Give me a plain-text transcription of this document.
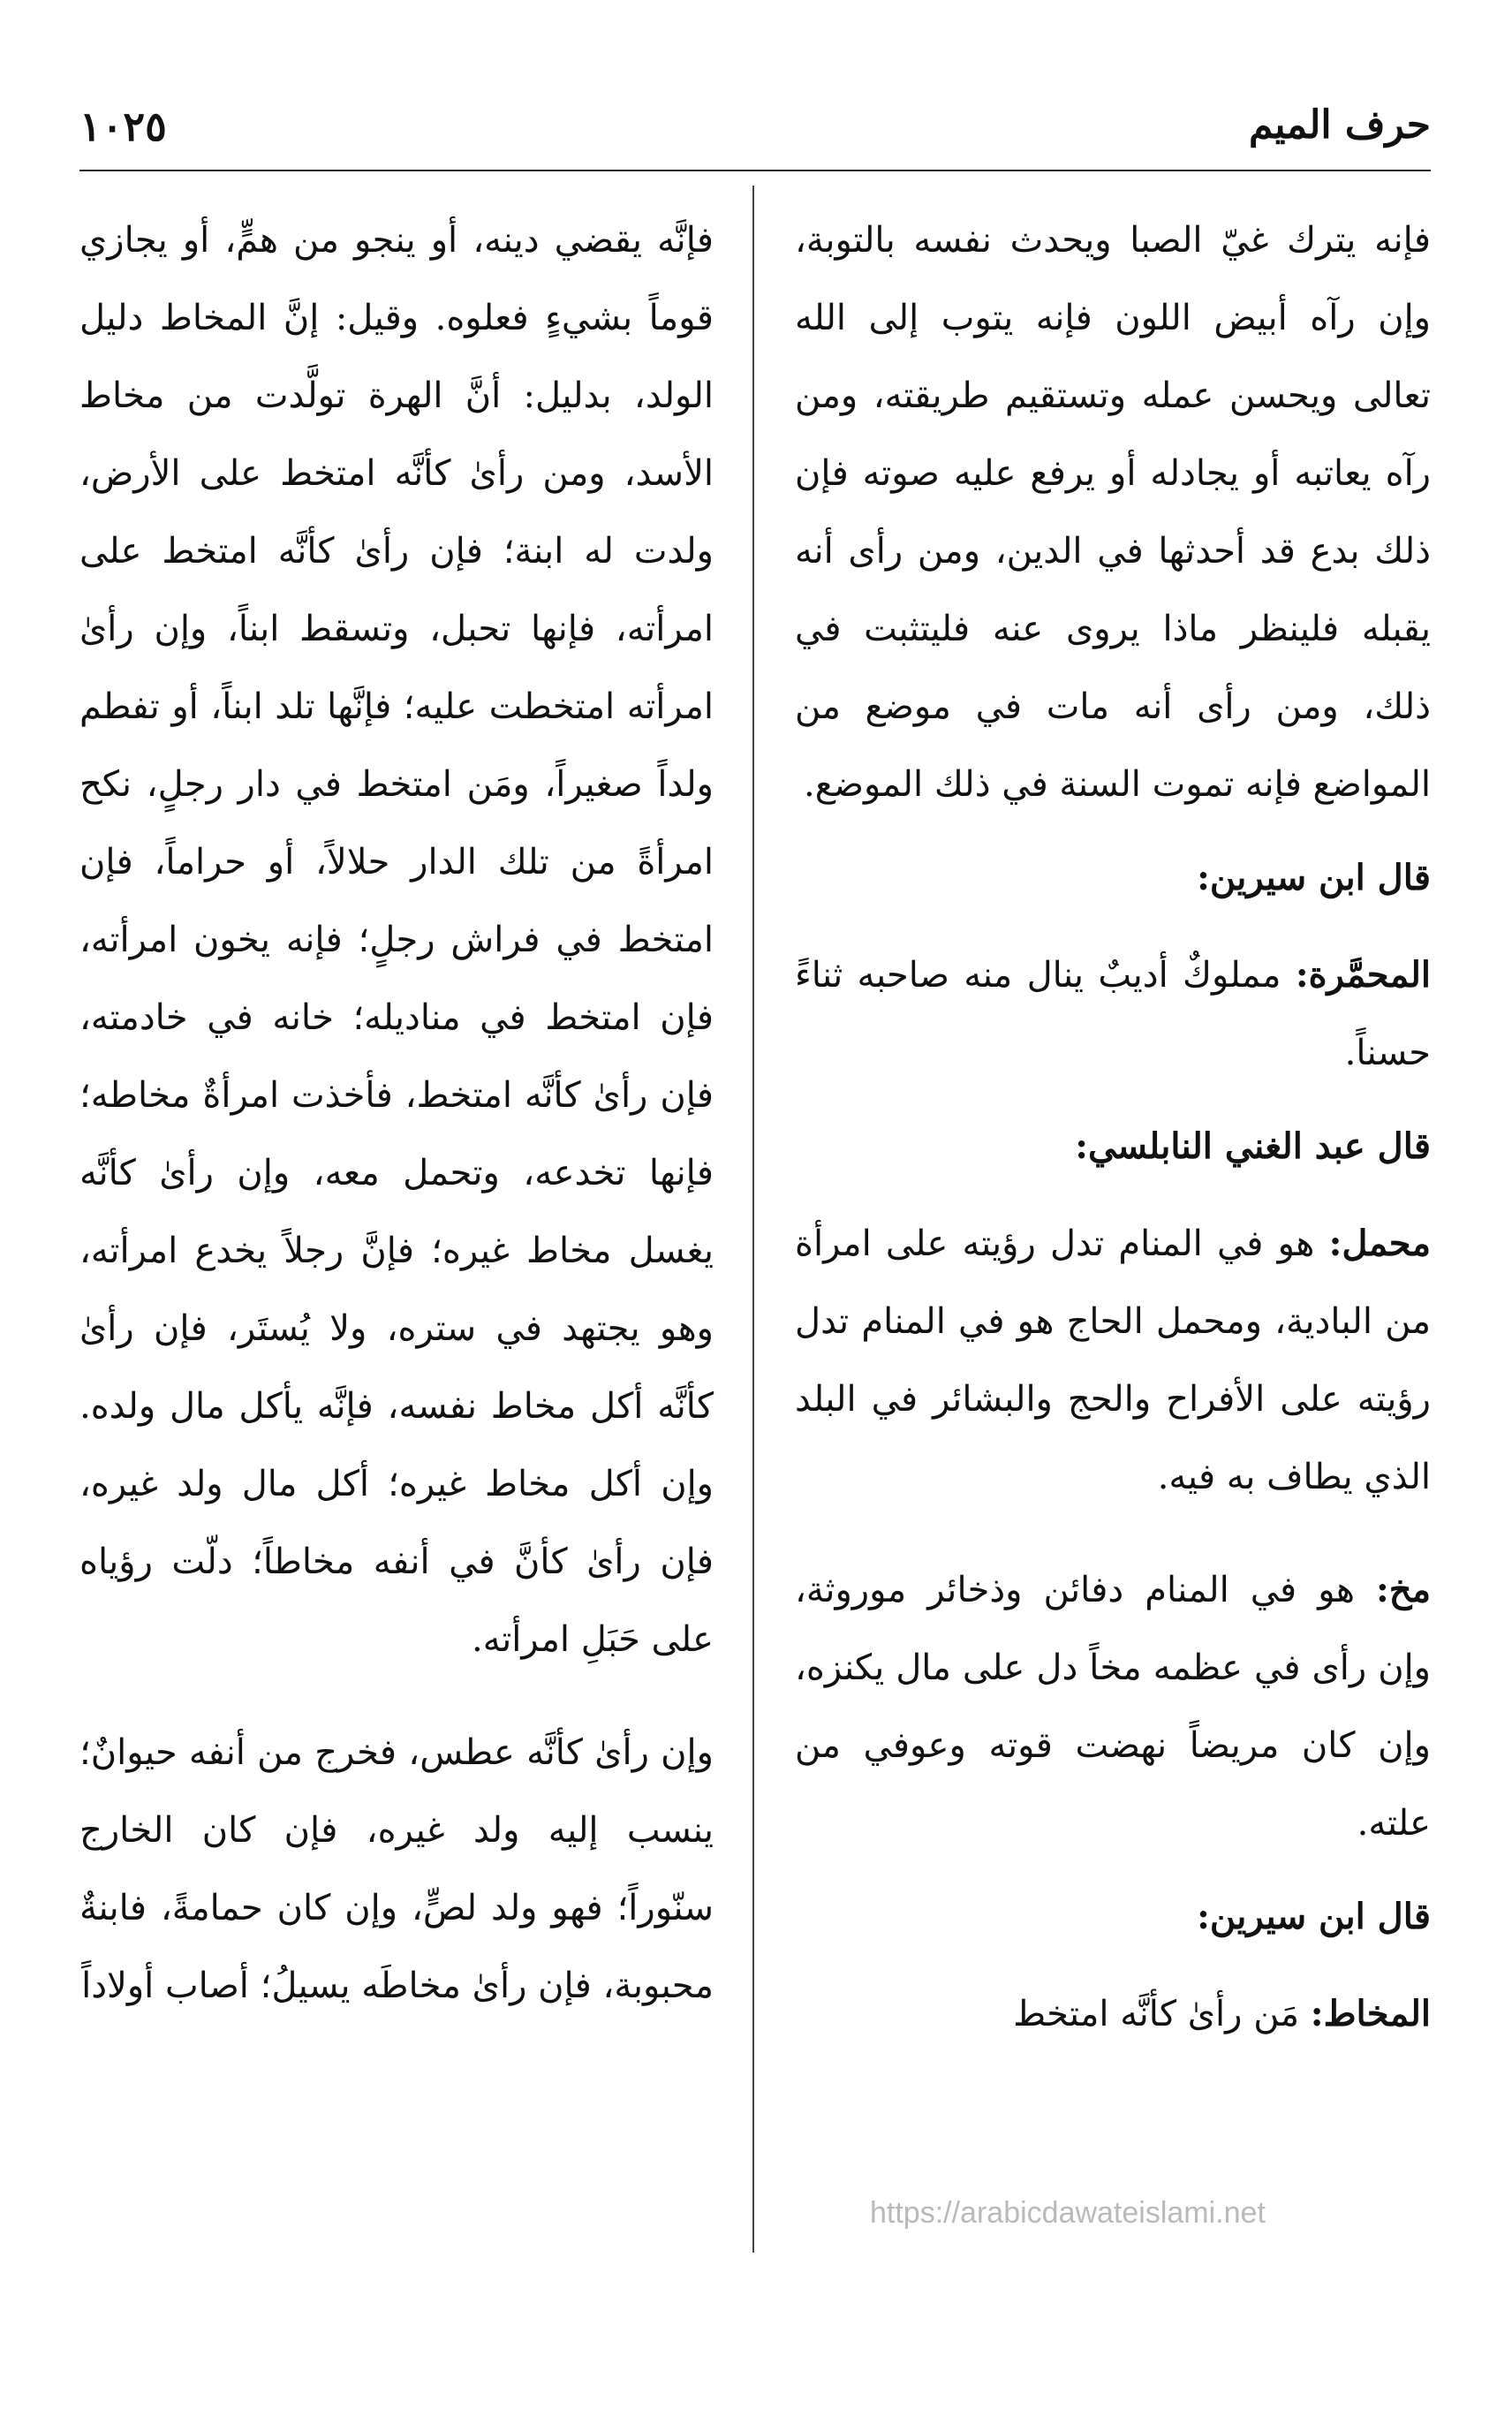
حرف الميم
١٠٢٥

فإنه يترك غيّ الصبا ويحدث نفسه بالتوبة، وإن رآه أبيض اللون فإنه يتوب إلى الله تعالى ويحسن عمله وتستقيم طريقته، ومن رآه يعاتبه أو يجادله أو يرفع عليه صوته فإن ذلك بدع قد أحدثها في الدين، ومن رأى أنه يقبله فلينظر ماذا يروى عنه فليتثبت في ذلك، ومن رأى أنه مات في موضع من المواضع فإنه تموت السنة في ذلك الموضع.

قال ابن سيرين:

المحمَّرة: مملوكٌ أديبٌ ينال منه صاحبه ثناءً حسناً.

قال عبد الغني النابلسي:

محمل: هو في المنام تدل رؤيته على امرأة من البادية، ومحمل الحاج هو في المنام تدل رؤيته على الأفراح والحج والبشائر في البلد الذي يطاف به فيه.

مخ: هو في المنام دفائن وذخائر موروثة، وإن رأى في عظمه مخاً دل على مال يكنزه، وإن كان مريضاً نهضت قوته وعوفي من علته.

قال ابن سيرين:

المخاط: مَن رأىٰ كأنَّه امتخط

فإنَّه يقضي دينه، أو ينجو من همٍّ، أو يجازي قوماً بشيءٍ فعلوه. وقيل: إنَّ المخاط دليل الولد، بدليل: أنَّ الهرة تولَّدت من مخاط الأسد، ومن رأىٰ كأنَّه امتخط على الأرض، ولدت له ابنة؛ فإن رأىٰ كأنَّه امتخط على امرأته، فإنها تحبل، وتسقط ابناً، وإن رأىٰ امرأته امتخطت عليه؛ فإنَّها تلد ابناً، أو تفطم ولداً صغيراً، ومَن امتخط في دار رجلٍ، نكح امرأةً من تلك الدار حلالاً، أو حراماً، فإن امتخط في فراش رجلٍ؛ فإنه يخون امرأته، فإن امتخط في مناديله؛ خانه في خادمته، فإن رأىٰ كأنَّه امتخط، فأخذت امرأةٌ مخاطه؛ فإنها تخدعه، وتحمل معه، وإن رأىٰ كأنَّه يغسل مخاط غيره؛ فإنَّ رجلاً يخدع امرأته، وهو يجتهد في ستره، ولا يُستَر، فإن رأىٰ كأنَّه أكل مخاط نفسه، فإنَّه يأكل مال ولده. وإن أكل مخاط غيره؛ أكل مال ولد غيره، فإن رأىٰ كأنَّ في أنفه مخاطاً؛ دلّت رؤياه على حَبَلِ امرأته.

وإن رأىٰ كأنَّه عطس، فخرج من أنفه حيوانٌ؛ ينسب إليه ولد غيره، فإن كان الخارج سنّوراً؛ فهو ولد لصٍّ، وإن كان حمامةً، فابنةٌ محبوبة، فإن رأىٰ مخاطَه يسيلُ؛ أصاب أولاداً

https://arabicdawateislami.net
